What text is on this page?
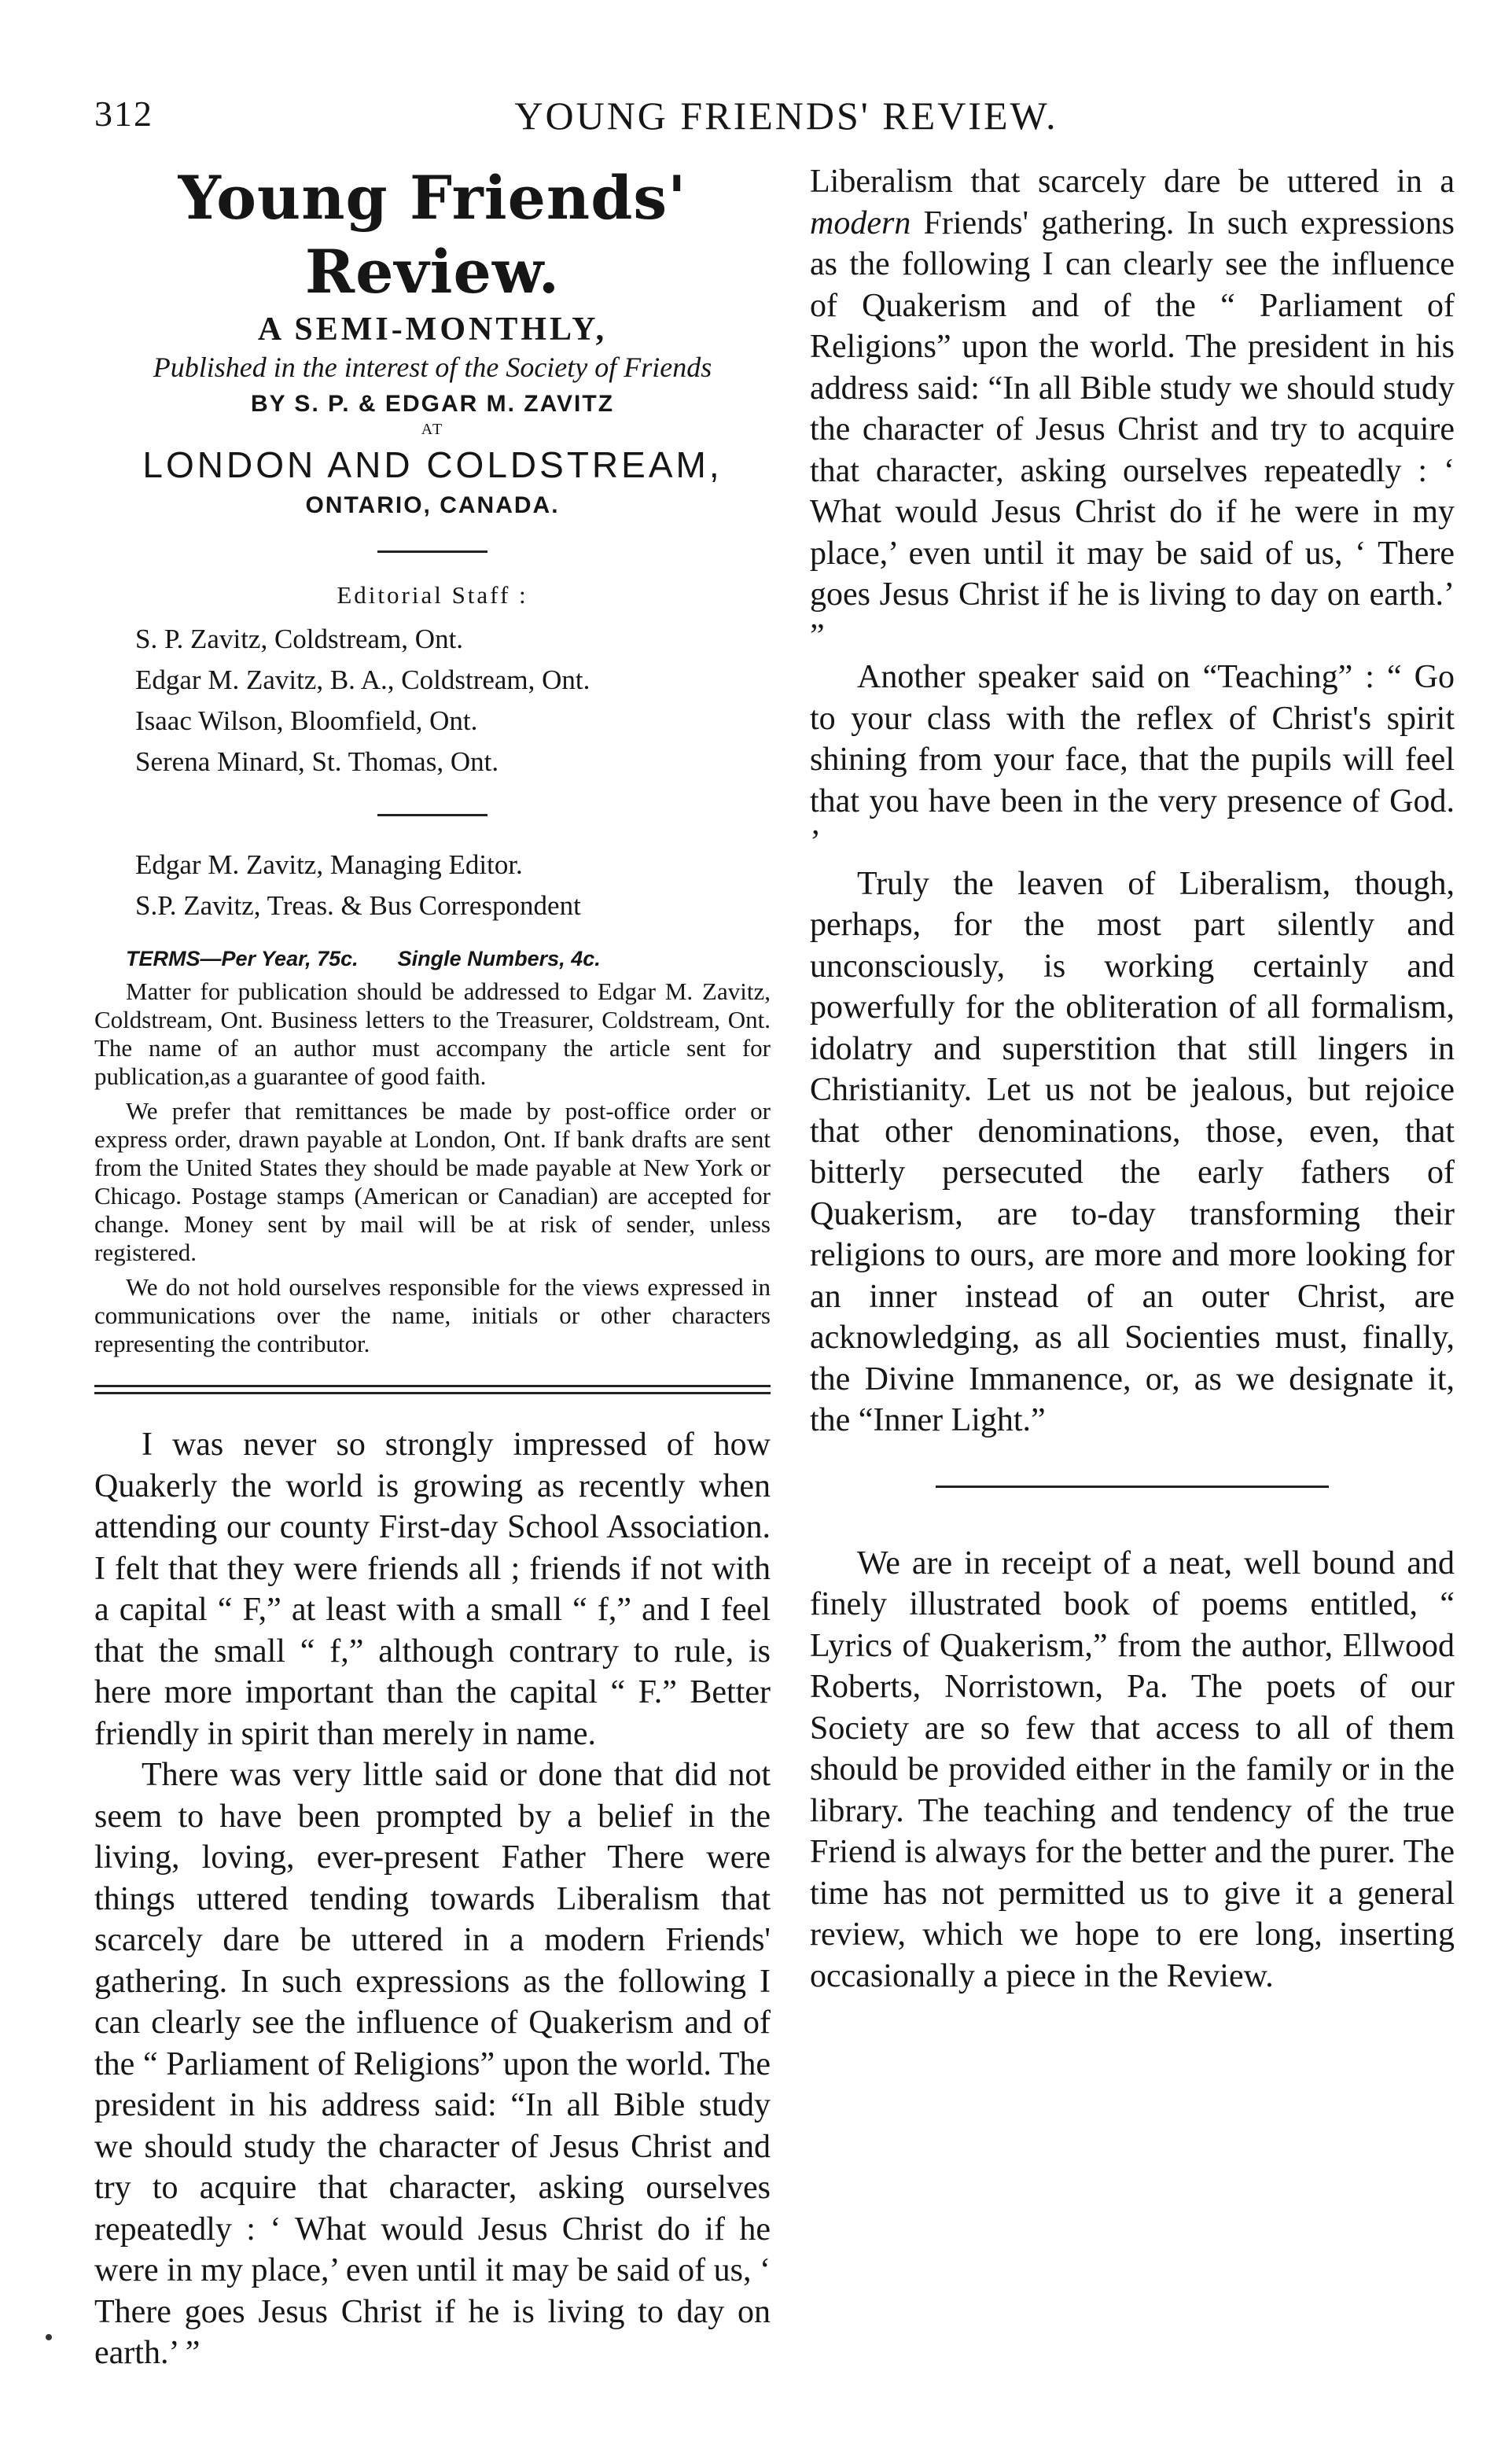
312	YOUNG FRIENDS' REVIEW.

Young Friends' Review.

A SEMI-MONTHLY,

Published in the interest of the Society of Friends

BY S. P. & EDGAR M. ZAVITZ

AT

LONDON AND COLDSTREAM,

ONTARIO, CANADA.

Editorial Staff :

S. P. Zavitz, Coldstream, Ont.

Edgar M. Zavitz, B. A., Coldstream, Ont.

Isaac Wilson, Bloomfield, Ont.

Serena Minard, St. Thomas, Ont.

Edgar M. Zavitz, Managing Editor.

S.P. Zavitz, Treas. & Bus Correspondent

TERMS—Per Year, 75c. Single Numbers, 4c.

Matter for publication should be addressed to Edgar M. Zavitz, Coldstream, Ont. Business letters to the Treasurer, Coldstream, Ont. The name of an author must accompany the article sent for publication,as a guarantee of good faith.

We prefer that remittances be made by post-office order or express order, drawn payable at London, Ont. If bank drafts are sent from the United States they should be made payable at New York or Chicago. Postage stamps (American or Canadian) are accepted for change. Money sent by mail will be at risk of sender, unless registered.

We do not hold ourselves responsible for the views expressed in communications over the name, initials or other characters representing the contributor.

I was never so strongly impressed of how Quakerly the world is growing as recently when attending our county First-day School Association. I felt that they were friends all ; friends if not with a capital “ F,” at least with a small “ f,” and I feel that the small “ f,” although contrary to rule, is here more important than the capital “ F.” Better friendly in spirit than merely in name.

There was very little said or done that did not seem to have been prompted by a belief in the living, loving, ever-present Father There were things uttered tending towards Liberalism that scarcely dare be uttered in a modern Friends' gathering. In such expressions as the following I can clearly see the influence of Quakerism and of the “ Parliament of Religions” upon the world. The president in his address said: “In all Bible study we should study the character of Jesus Christ and try to acquire that character, asking ourselves repeatedly : ‘ What would Jesus Christ do if he were in my place,’ even until it may be said of us, ‘ There goes Jesus Christ if he is living to day on earth.’ ”

Liberalism that scarcely dare be uttered in a modern Friends' gathering. In such expressions as the following I can clearly see the influence of Quakerism and of the “ Parliament of Religions” upon the world. The president in his address said: “In all Bible study we should study the character of Jesus Christ and try to acquire that character, asking ourselves repeatedly : ‘ What would Jesus Christ do if he were in my place,’ even until it may be said of us, ‘ There goes Jesus Christ if he is living to day on earth.’ ”

Another speaker said on “Teaching” : “ Go to your class with the reflex of Christ's spirit shining from your face, that the pupils will feel that you have been in the very presence of God. ’

Truly the leaven of Liberalism, though, perhaps, for the most part silently and unconsciously, is working certainly and powerfully for the obliteration of all formalism, idolatry and superstition that still lingers in Christianity. Let us not be jealous, but rejoice that other denominations, those, even, that bitterly persecuted the early fathers of Quakerism, are to-day transforming their religions to ours, are more and more looking for an inner instead of an outer Christ, are acknowledging, as all Socienties must, finally, the Divine Immanence, or, as we designate it, the “Inner Light.”

We are in receipt of a neat, well bound and finely illustrated book of poems entitled, “ Lyrics of Quakerism,” from the author, Ellwood Roberts, Norristown, Pa. The poets of our Society are so few that access to all of them should be provided either in the family or in the library. The teaching and tendency of the true Friend is always for the better and the purer. The time has not permitted us to give it a general review, which we hope to ere long, inserting occasionally a piece in the Review.
